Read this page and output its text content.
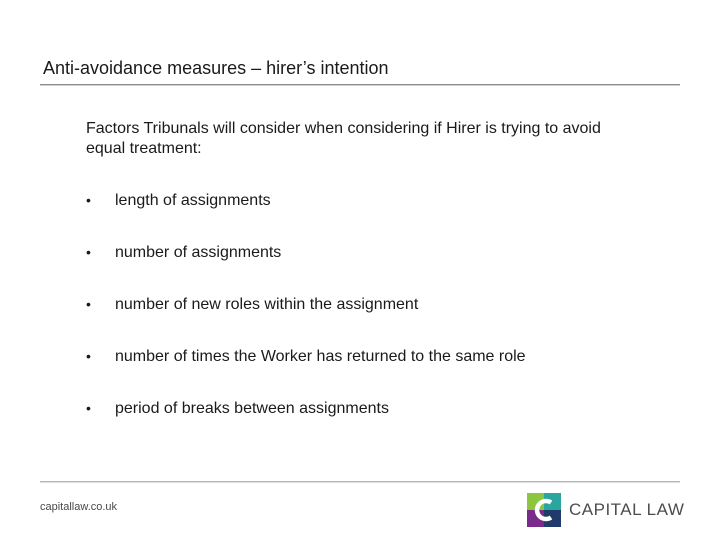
Anti-avoidance measures – hirer’s intention
Factors Tribunals will consider when considering if Hirer is trying to avoid equal treatment:
•	length of assignments
•	number of assignments
•	number of new roles within the assignment
•	number of times the Worker has returned to the same role
•	period of breaks between assignments
capitallaw.co.uk	CAPITAL LAW
